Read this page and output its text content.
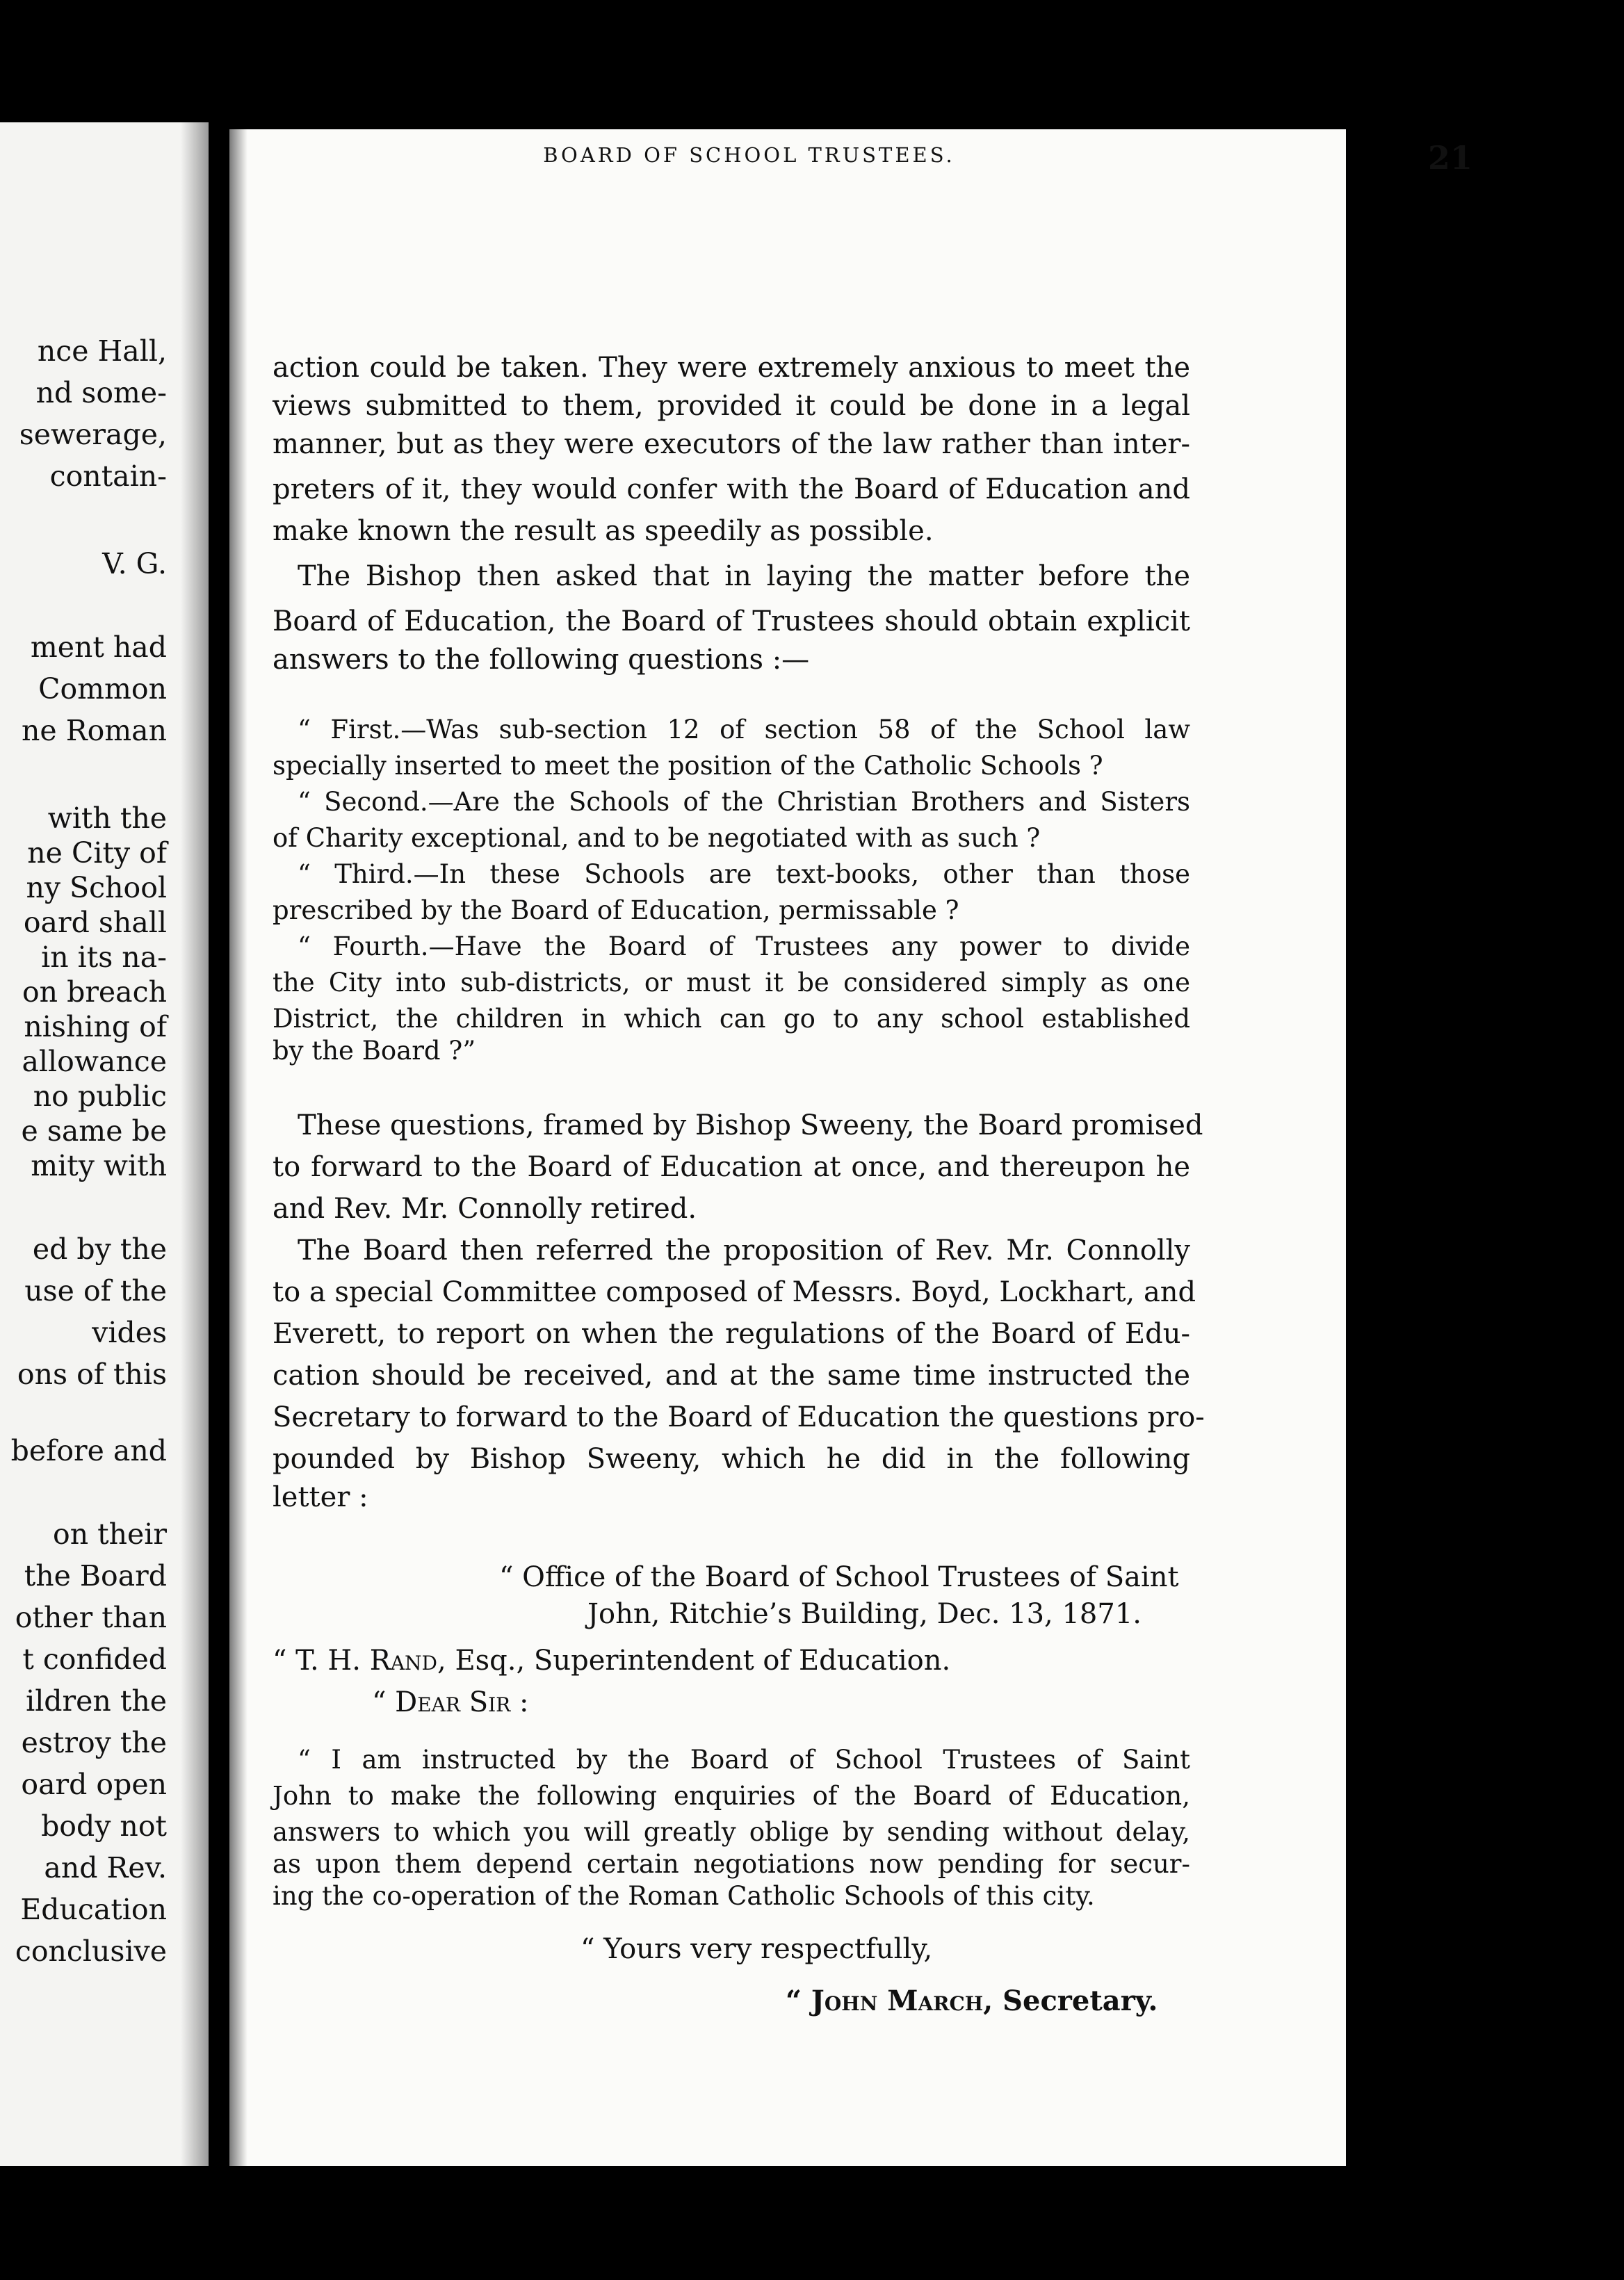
nce Hall,
nd some-
sewerage,
contain-
V. G.
ment had
Common
ne Roman
with the
ne City of
ny School
oard shall
in its na-
on breach
nishing of
allowance
no public
e same be
mity with
ed by the
use of the
vides
ons of this
before and
on their
the Board
other than
t confided
ildren the
estroy the
oard open
body not
and Rev.
Education
conclusive
BOARD OF SCHOOL TRUSTEES.	21
action could be taken. They were extremely anxious to meet the
views submitted to them, provided it could be done in a legal
manner, but as they were executors of the law rather than inter-
preters of it, they would confer with the Board of Education and
make known the result as speedily as possible.
The Bishop then asked that in laying the matter before the
Board of Education, the Board of Trustees should obtain explicit
answers to the following questions :—
“ First.—Was sub-section 12 of section 58 of the School law
specially inserted to meet the position of the Catholic Schools ?
“ Second.—Are the Schools of the Christian Brothers and Sisters
of Charity exceptional, and to be negotiated with as such ?
“ Third.—In these Schools are text-books, other than those
prescribed by the Board of Education, permissable ?
“ Fourth.—Have the Board of Trustees any power to divide
the City into sub-districts, or must it be considered simply as one
District, the children in which can go to any school established
by the Board ?”
These questions, framed by Bishop Sweeny, the Board promised
to forward to the Board of Education at once, and thereupon he
and Rev. Mr. Connolly retired.
The Board then referred the proposition of Rev. Mr. Connolly
to a special Committee composed of Messrs. Boyd, Lockhart, and
Everett, to report on when the regulations of the Board of Edu-
cation should be received, and at the same time instructed the
Secretary to forward to the Board of Education the questions pro-
pounded by Bishop Sweeny, which he did in the following
letter :
“ Office of the Board of School Trustees of Saint
John, Ritchie’s Building, Dec. 13, 1871.
“ T. H. Rand, Esq., Superintendent of Education.
“ Dear Sir :
“ I am instructed by the Board of School Trustees of Saint
John to make the following enquiries of the Board of Education,
answers to which you will greatly oblige by sending without delay,
as upon them depend certain negotiations now pending for secur-
ing the co-operation of the Roman Catholic Schools of this city.
“ Yours very respectfully,
“ John March, Secretary.
